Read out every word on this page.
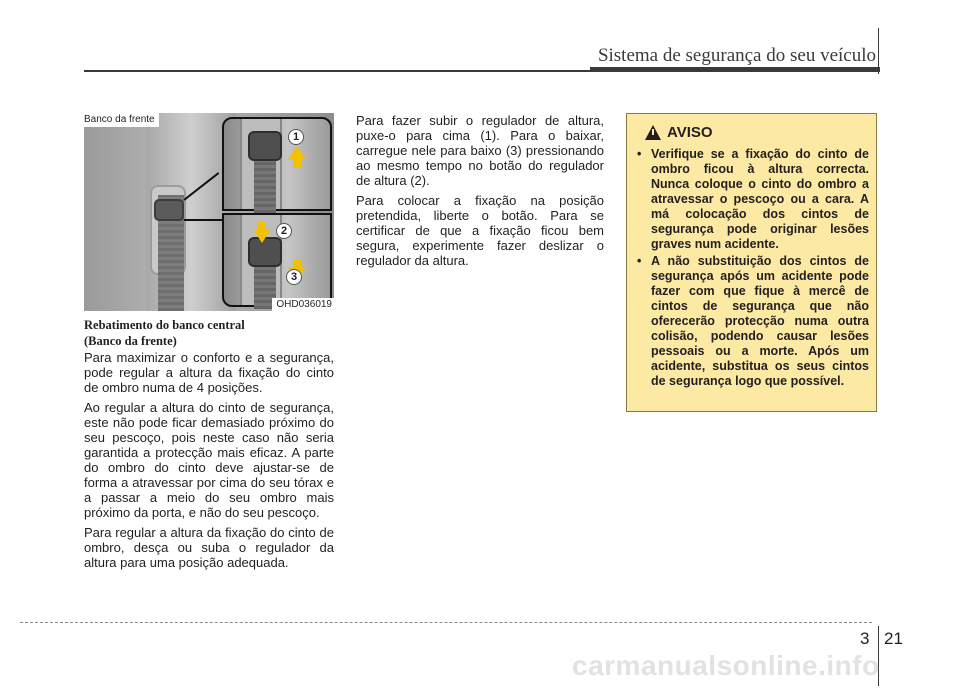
Sistema de segurança do seu veículo
1
2
3
Banco da frente
OHD036019
Rebatimento do banco central
(Banco da frente)

Para maximizar o conforto e a segurança, pode regular a altura da fixação do cinto de ombro numa de 4 posições.

Ao regular a altura do cinto de segurança, este não pode ficar demasiado próximo do seu pescoço, pois neste caso não seria garantida a protecção mais eficaz. A parte do ombro do cinto deve ajustar-se de forma a atravessar por cima do seu tórax e a passar a meio do seu ombro mais próximo da porta, e não do seu pescoço.

Para regular a altura da fixação do cinto de ombro, desça ou suba o regulador da altura para uma posição adequada.

Para fazer subir o regulador de altura, puxe-o para cima (1). Para o baixar, carregue nele para baixo (3) pressionando ao mesmo tempo no botão do regulador de altura (2).

Para colocar a fixação na posição pretendida, liberte o botão. Para se certificar de que a fixação ficou bem segura, experimente fazer deslizar o regulador da altura.

AVISO
• Verifique se a fixação do cinto de ombro ficou à altura correcta. Nunca coloque o cinto do ombro a atravessar o pescoço ou a cara. A má colocação dos cintos de segurança pode originar lesões graves num acidente.
• A não substituição dos cintos de segurança após um acidente pode fazer com que fique à mercê de cintos de segurança que não oferecerão protecção numa outra colisão, podendo causar lesões pessoais ou a morte. Após um acidente, substitua os seus cintos de segurança logo que possível.
3 21
carmanualsonline.info
